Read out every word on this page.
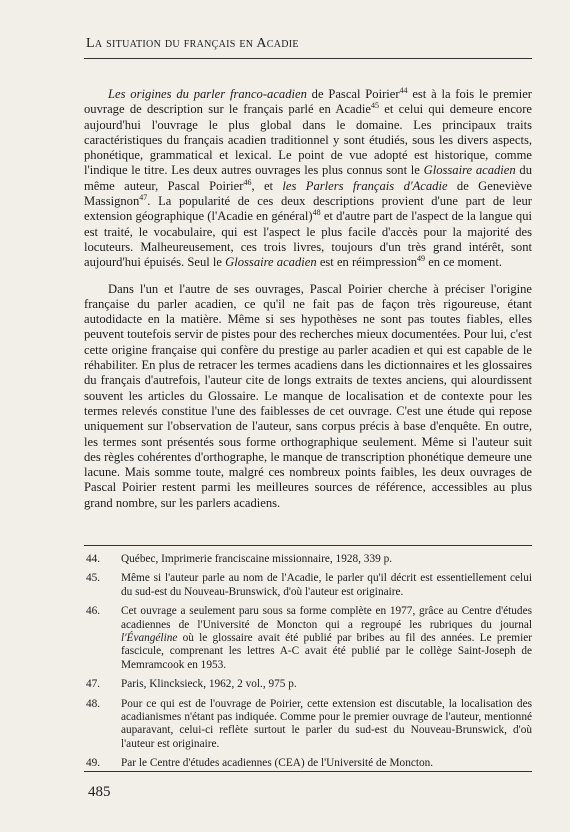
La situation du français en Acadie

Les origines du parler franco-acadien de Pascal Poirier$^{44}$ est à la fois le premier ouvrage de description sur le français parlé en Acadie$^{45}$ et celui qui demeure encore aujourd'hui l'ouvrage le plus global dans le domaine. Les principaux traits caractéristiques du français acadien traditionnel y sont étudiés, sous les divers aspects, phonétique, grammatical et lexical. Le point de vue adopté est historique, comme l'indique le titre. Les deux autres ouvrages les plus connus sont le Glossaire acadien du même auteur, Pascal Poirier$^{46}$, et les Parlers français d'Acadie de Geneviève Massignon$^{47}$. La popularité de ces deux descriptions provient d'une part de leur extension géographique (l'Acadie en général)$^{48}$ et d'autre part de l'aspect de la langue qui est traité, le vocabulaire, qui est l'aspect le plus facile d'accès pour la majorité des locuteurs. Malheureusement, ces trois livres, toujours d'un très grand intérêt, sont aujourd'hui épuisés. Seul le Glossaire acadien est en réimpression$^{49}$ en ce moment.

Dans l'un et l'autre de ses ouvrages, Pascal Poirier cherche à préciser l'origine française du parler acadien, ce qu'il ne fait pas de façon très rigoureuse, étant autodidacte en la matière. Même si ses hypothèses ne sont pas toutes fiables, elles peuvent toutefois servir de pistes pour des recherches mieux documentées. Pour lui, c'est cette origine française qui confère du prestige au parler acadien et qui est capable de le réhabiliter. En plus de retracer les termes acadiens dans les dictionnaires et les glossaires du français d'autrefois, l'auteur cite de longs extraits de textes anciens, qui alourdissent souvent les articles du Glossaire. Le manque de localisation et de contexte pour les termes relevés constitue l'une des faiblesses de cet ouvrage. C'est une étude qui repose uniquement sur l'observation de l'auteur, sans corpus précis à base d'enquête. En outre, les termes sont présentés sous forme orthographique seulement. Même si l'auteur suit des règles cohérentes d'orthographe, le manque de transcription phonétique demeure une lacune. Mais somme toute, malgré ces nombreux points faibles, les deux ouvrages de Pascal Poirier restent parmi les meilleures sources de référence, accessibles au plus grand nombre, sur les parlers acadiens.

44.	Québec, Imprimerie franciscaine missionnaire, 1928, 339 p.
45.	Même si l'auteur parle au nom de l'Acadie, le parler qu'il décrit est essentiellement celui du sud-est du Nouveau-Brunswick, d'où l'auteur est originaire.
46.	Cet ouvrage a seulement paru sous sa forme complète en 1977, grâce au Centre d'études acadiennes de l'Université de Moncton qui a regroupé les rubriques du journal l'Évangéline où le glossaire avait été publié par bribes au fil des années. Le premier fascicule, comprenant les lettres A-C avait été publié par le collège Saint-Joseph de Memramcook en 1953.
47.	Paris, Klincksieck, 1962, 2 vol., 975 p.
48.	Pour ce qui est de l'ouvrage de Poirier, cette extension est discutable, la localisation des acadianismes n'étant pas indiquée. Comme pour le premier ouvrage de l'auteur, mentionné auparavant, celui-ci reflète surtout le parler du sud-est du Nouveau-Brunswick, d'où l'auteur est originaire.
49.	Par le Centre d'études acadiennes (CEA) de l'Université de Moncton.
485
